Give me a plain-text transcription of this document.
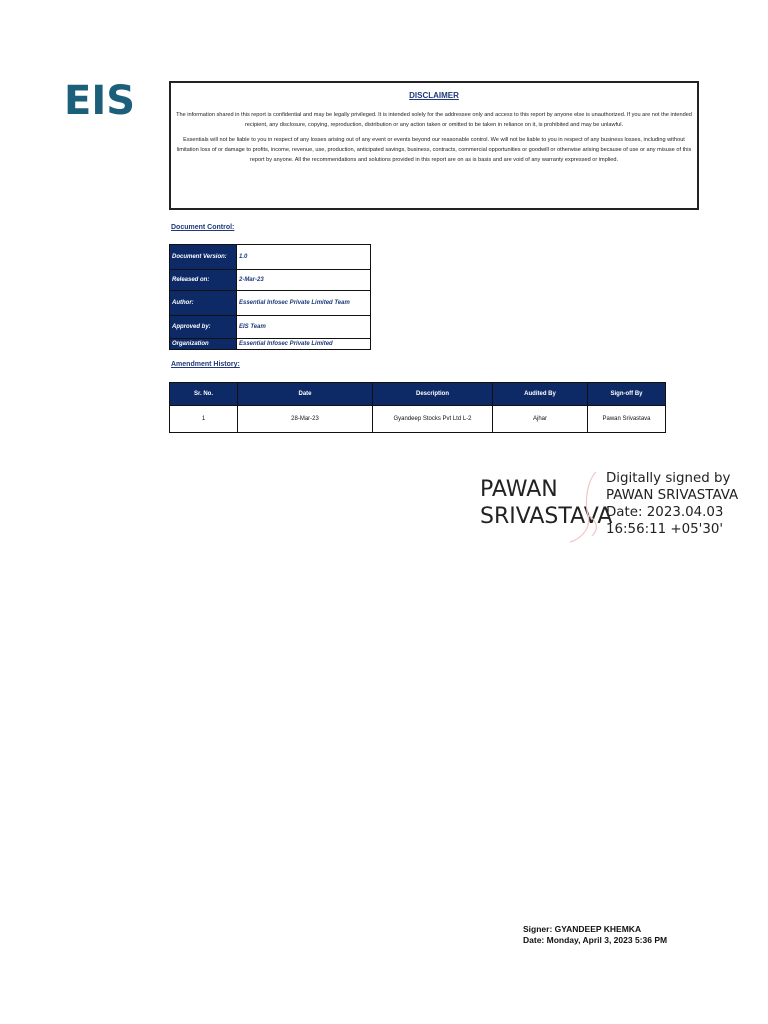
EIS	DISCLAIMER

The information shared in this report is confidential and may be legally privileged. It is intended solely for the addressee only and access to this report by anyone else is unauthorized. If you are not the intended recipient, any disclosure, copying, reproduction, distribution or any action taken or omitted to be taken in reliance on it, is prohibited and may be unlawful.

Essentials will not be liable to you in respect of any losses arising out of any event or events beyond our reasonable control. We will not be liable to you in respect of any business losses, including without limitation loss of or damage to profits, income, revenue, use, production, anticipated savings, business, contracts, commercial opportunities or goodwill or otherwise arising because of use or any misuse of this report by anyone. All the recommendations and solutions provided in this report are on as is basis and are void of any warranty expressed or implied.

Document Control:
Document Version:	1.0
Released on:	2-Mar-23
Author:	Essential Infosec Private Limited Team
Approved by:	EIS Team
Organization	Essential Infosec Private Limited
Amendment History:
Sr. No.	Date	Description	Audited By	Sign-off By
1	28-Mar-23	Gyandeep Stocks Pvt Ltd L-2	Ajhar	Pawan Srivastava
PAWAN
SRIVASTAVA
Digitally signed by
PAWAN SRIVASTAVA
Date: 2023.04.03
16:56:11 +05'30'
Signer: GYANDEEP KHEMKA
Date: Monday, April 3, 2023 5:36 PM
